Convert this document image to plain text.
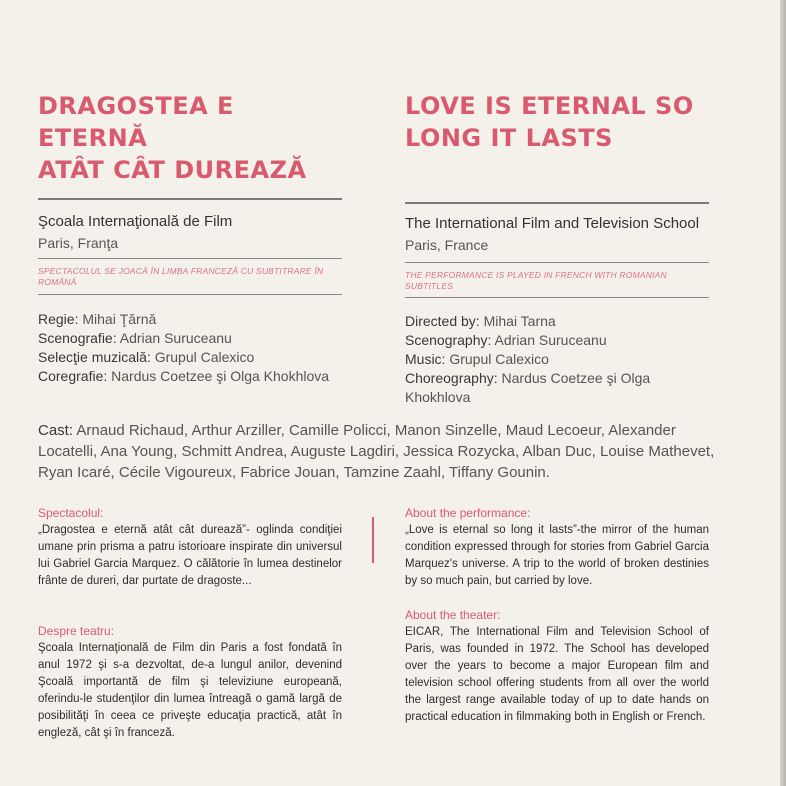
DRAGOSTEA E ETERNĂ
ATÂT CÂT DUREAZĂ
Şcoala Internaţională de Film
Paris, Franţa
SPECTACOLUL SE JOACĂ ÎN LIMBA FRANCEZĂ CU SUBTITRARE ÎN ROMÂNĂ
Regie: Mihai Ţărnă
Scenografie: Adrian Suruceanu
Selecţie muzicală: Grupul Calexico
Coregrafie: Nardus Coetzee şi Olga Khokhlova
LOVE IS ETERNAL SO
LONG IT LASTS
The International Film and Television School
Paris, France
THE PERFORMANCE IS PLAYED IN FRENCH WITH ROMANIAN SUBTITLES
Directed by: Mihai Tarna
Scenography: Adrian Suruceanu
Music: Grupul Calexico
Choreography: Nardus Coetzee şi Olga Khokhlova
Cast: Arnaud Richaud, Arthur Arziller, Camille Policci, Manon Sinzelle, Maud Lecoeur, Alexander Locatelli, Ana Young, Schmitt Andrea, Auguste Lagdiri, Jessica Rozycka, Alban Duc, Louise Mathevet, Ryan Icaré, Cécile Vigoureux, Fabrice Jouan, Tamzine Zaahl, Tiffany Gounin.
Spectacolul:

„Dragostea e eternă atât cât durează”- oglinda condiţiei umane prin prisma a patru istorioare inspirate din universul lui Gabriel Garcia Marquez. O călătorie în lumea destinelor frânte de dureri, dar purtate de dragoste...

Despre teatru:

Şcoala Internaţională de Film din Paris a fost fondată în anul 1972 şi s-a dezvoltat, de-a lungul anilor, devenind Şcoală importantă de film şi televiziune europeană, oferindu-le studenţilor din lumea întreagă o gamă largă de posibilităţi în ceea ce priveşte educaţia practică, atât în engleză, cât şi în franceză.

About the performance:

„Love is eternal so long it lasts”-the mirror of the human condition expressed through for stories from Gabriel Garcia Marquez's universe. A trip to the world of broken destinies by so much pain, but carried by love.

About the theater:

EICAR, The International Film and Television School of Paris, was founded in 1972. The School has developed over the years to become a major European film and television school offering students from all over the world the largest range available today of up to date hands on practical education in filmmaking both in English or French.
